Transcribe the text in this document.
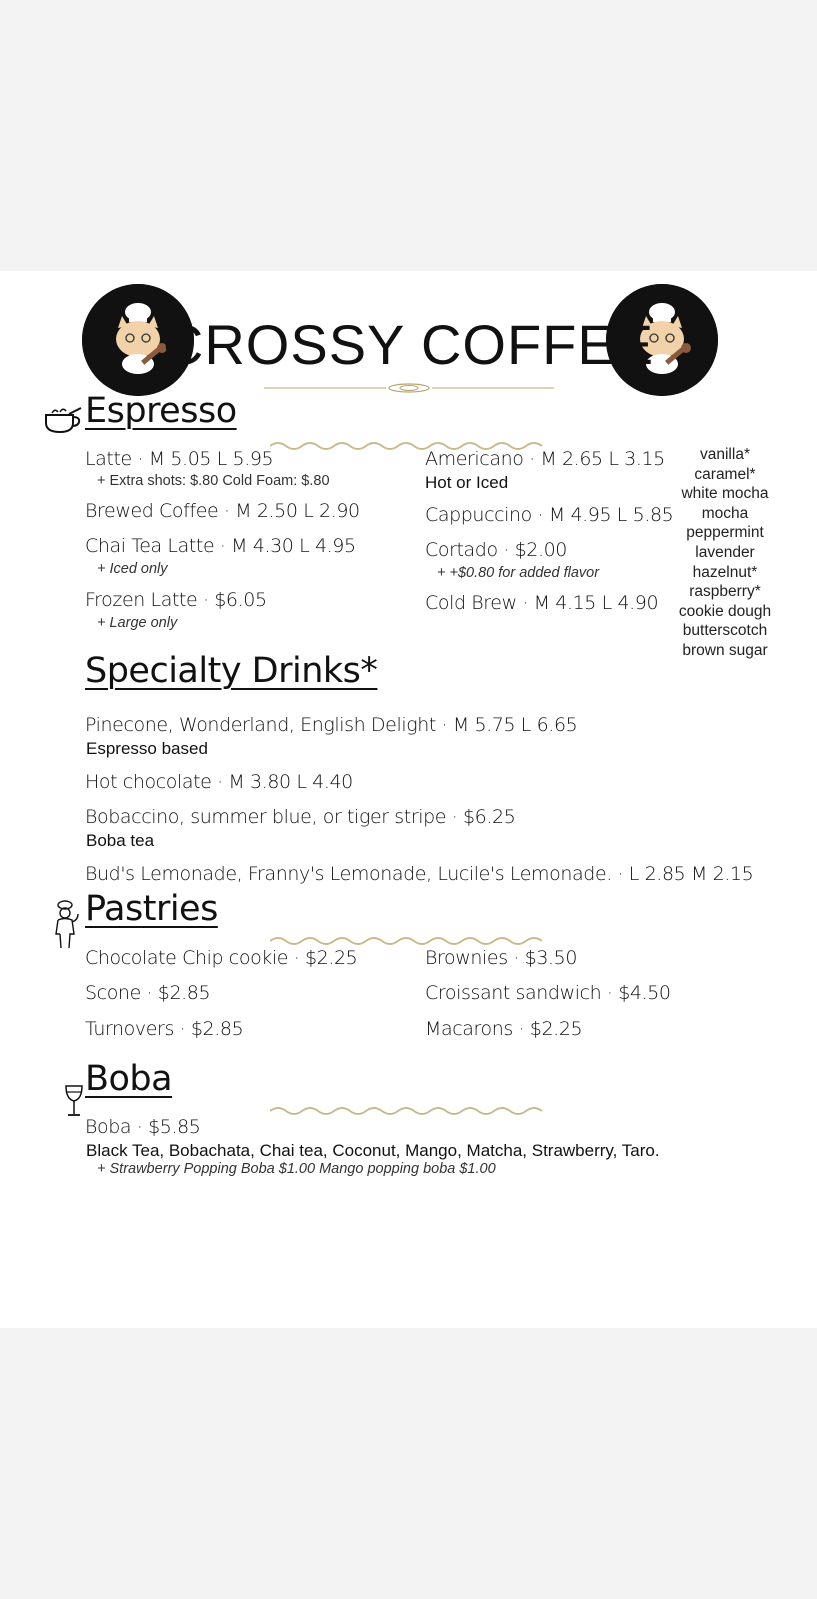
CROSSY COFFEE
Espresso
Latte · M 5.05 L 5.95
+ Extra shots: $.80 Cold Foam: $.80
Brewed Coffee · M 2.50 L 2.90
Chai Tea Latte · M 4.30 L 4.95
+ Iced only
Frozen Latte · $6.05
+ Large only
Americano · M 2.65 L 3.15
Hot or Iced
Cappuccino · M 4.95 L 5.85
Cortado · $2.00
+ +$0.80 for added flavor
Cold Brew · M 4.15 L 4.90
vanilla*
caramel*
white mocha
mocha
peppermint
lavender
hazelnut*
raspberry*
cookie dough
butterscotch
brown sugar
Specialty Drinks*
Pinecone, Wonderland, English Delight · M 5.75 L 6.65
Espresso based
Hot chocolate · M 3.80 L 4.40
Bobaccino, summer blue, or tiger stripe · $6.25
Boba tea
Bud's Lemonade, Franny's Lemonade, Lucile's Lemonade. · L 2.85 M 2.15
Pastries
Chocolate Chip cookie · $2.25
Scone · $2.85
Turnovers · $2.85
Brownies · $3.50
Croissant sandwich · $4.50
Macarons · $2.25
Boba
Boba · $5.85
Black Tea, Bobachata, Chai tea, Coconut, Mango, Matcha, Strawberry, Taro.
+ Strawberry Popping Boba $1.00 Mango popping boba $1.00
